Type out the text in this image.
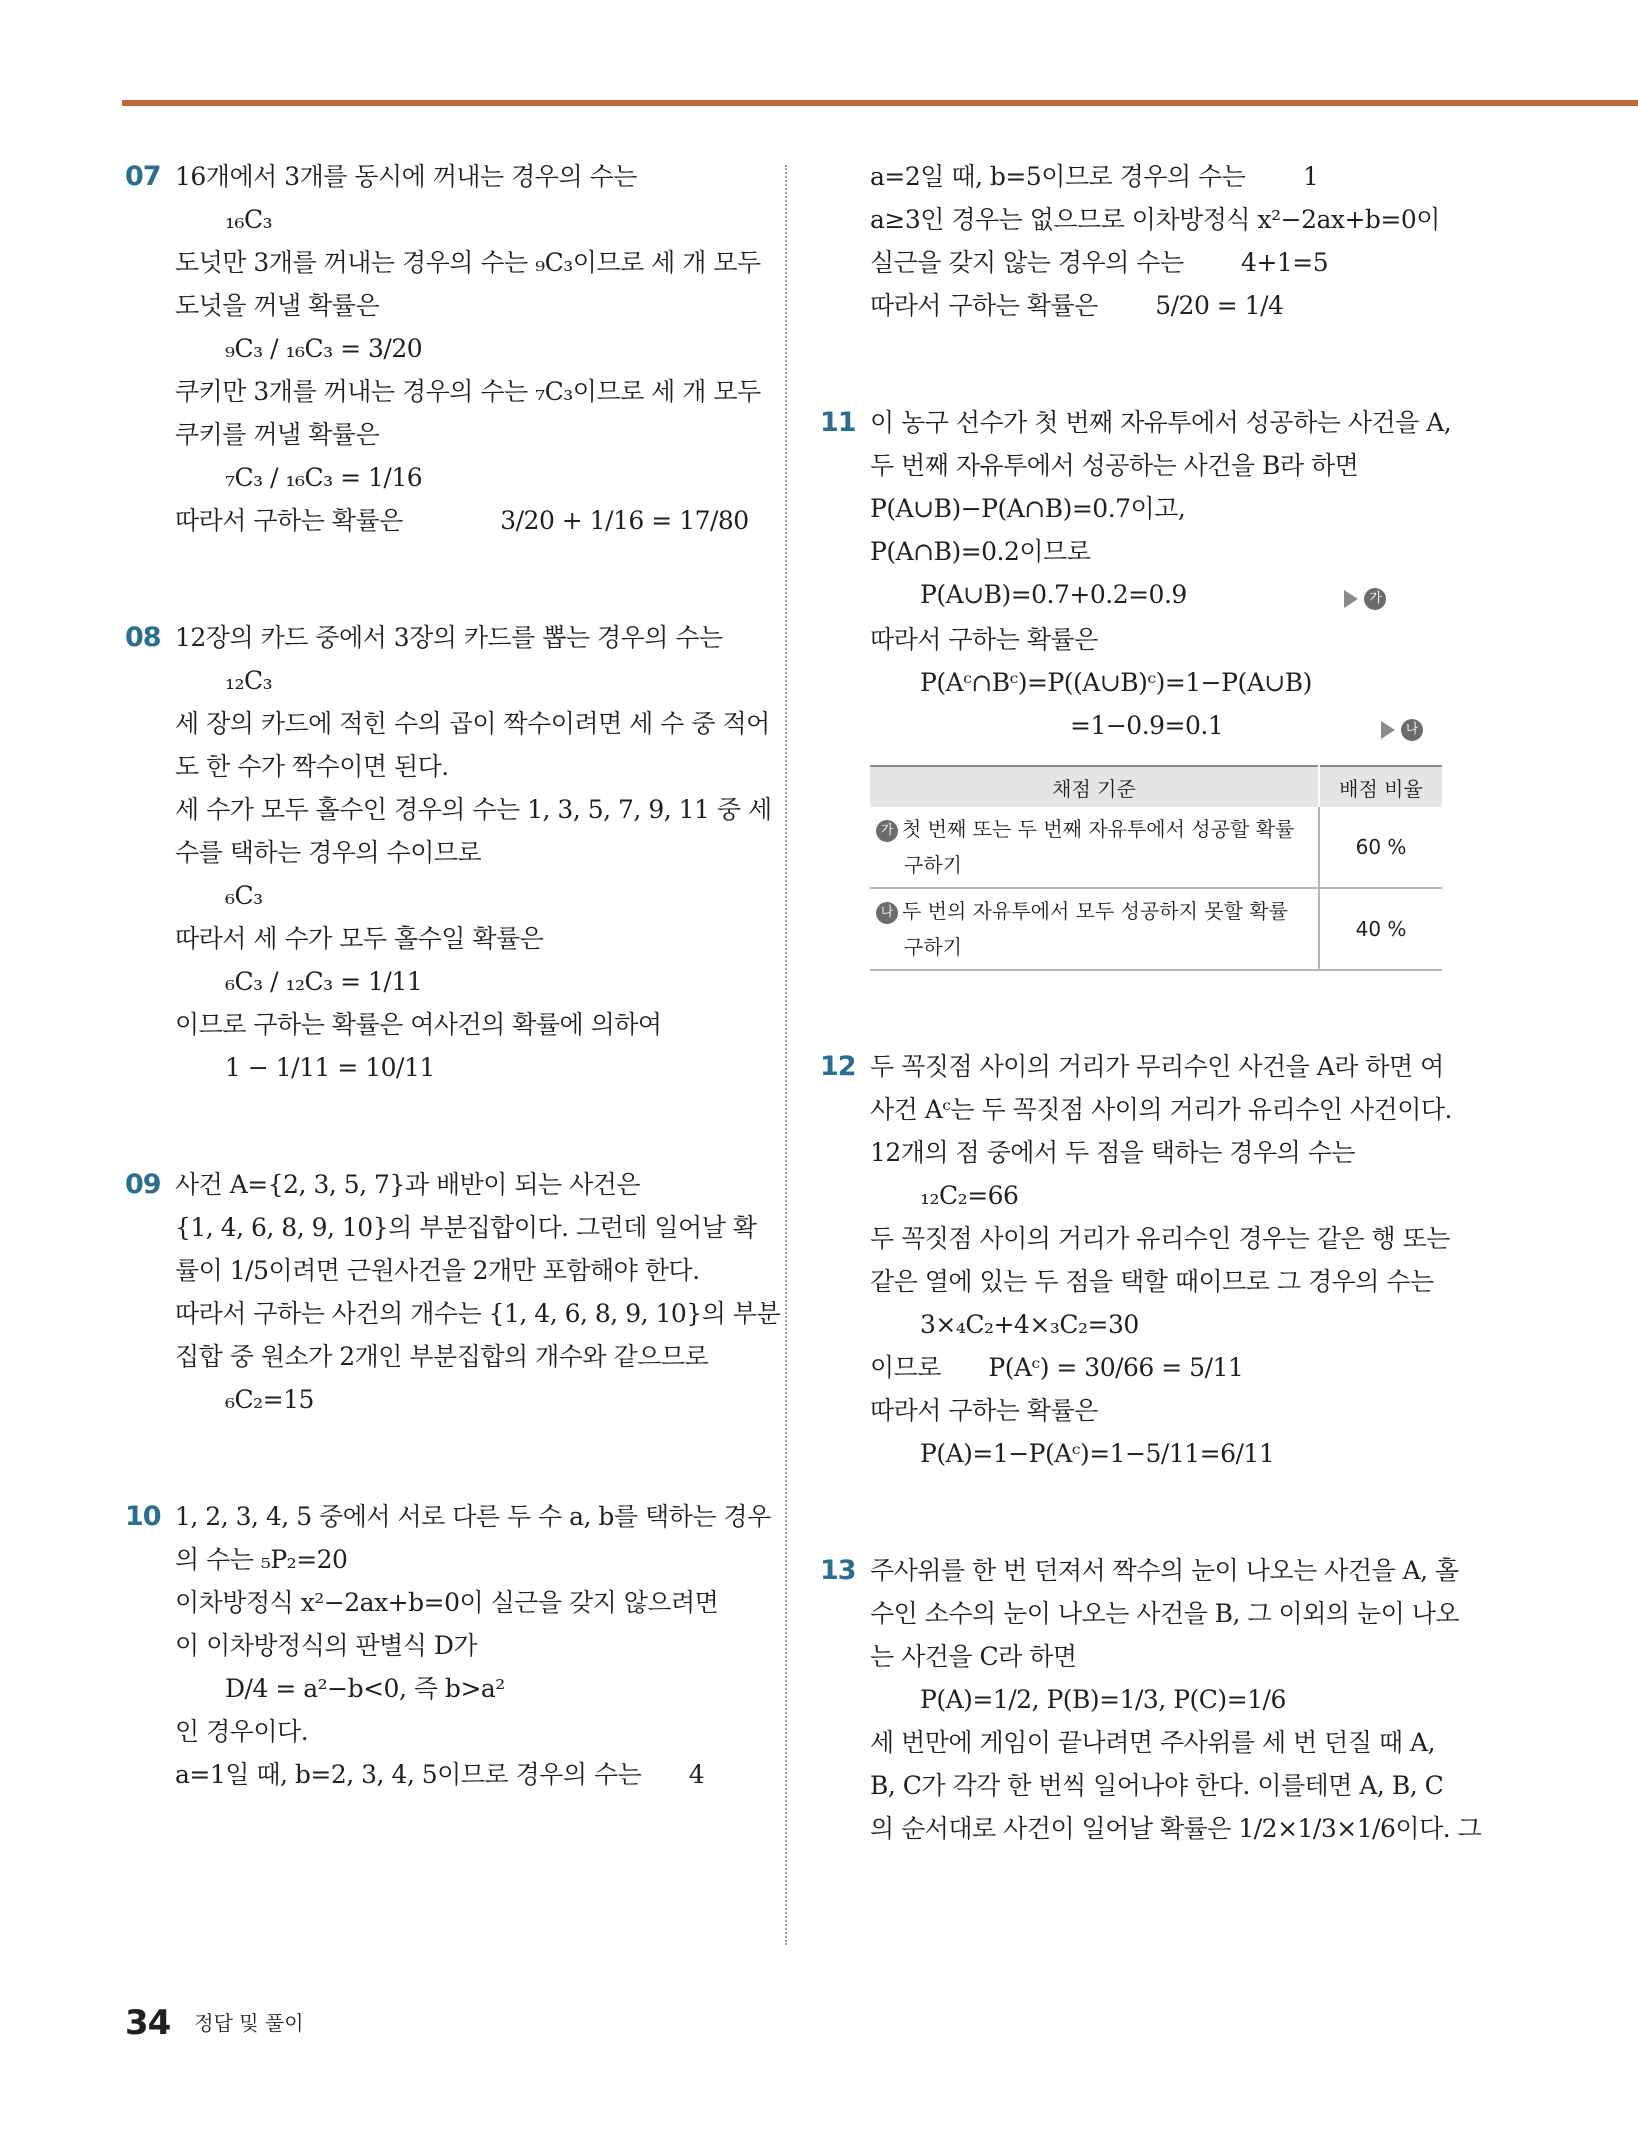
07 16개에서 3개를 동시에 꺼내는 경우의 수는
₁₆C₃
도넛만 3개를 꺼내는 경우의 수는 ₉C₃이므로 세 개 모두
도넛을 꺼낼 확률은
₉C₃ / ₁₆C₃ = 3/20
쿠키만 3개를 꺼내는 경우의 수는 ₇C₃이므로 세 개 모두
쿠키를 꺼낼 확률은
₇C₃ / ₁₆C₃ = 1/16
따라서 구하는 확률은	3/20 + 1/16 = 17/80
08 12장의 카드 중에서 3장의 카드를 뽑는 경우의 수는
₁₂C₃
세 장의 카드에 적힌 수의 곱이 짝수이려면 세 수 중 적어
도 한 수가 짝수이면 된다.
세 수가 모두 홀수인 경우의 수는 1, 3, 5, 7, 9, 11 중 세
수를 택하는 경우의 수이므로
₆C₃
따라서 세 수가 모두 홀수일 확률은
₆C₃ / ₁₂C₃ = 1/11
이므로 구하는 확률은 여사건의 확률에 의하여
1 − 1/11 = 10/11
09 사건 A={2, 3, 5, 7}과 배반이 되는 사건은
{1, 4, 6, 8, 9, 10}의 부분집합이다. 그런데 일어날 확
률이 1/5이려면 근원사건을 2개만 포함해야 한다.
따라서 구하는 사건의 개수는 {1, 4, 6, 8, 9, 10}의 부분
집합 중 원소가 2개인 부분집합의 개수와 같으므로
₆C₂=15
10 1, 2, 3, 4, 5 중에서 서로 다른 두 수 a, b를 택하는 경우
의 수는 ₅P₂=20
이차방정식 x²−2ax+b=0이 실근을 갖지 않으려면
이 이차방정식의 판별식 D가
D/4 = a²−b<0, 즉 b>a²
인 경우이다.
a=1일 때, b=2, 3, 4, 5이므로 경우의 수는 4
a=2일 때, b=5이므로 경우의 수는 1
a≥3인 경우는 없으므로 이차방정식 x²−2ax+b=0이
실근을 갖지 않는 경우의 수는 4+1=5
따라서 구하는 확률은 5/20 = 1/4
11 이 농구 선수가 첫 번째 자유투에서 성공하는 사건을 A,
두 번째 자유투에서 성공하는 사건을 B라 하면
P(A∪B)−P(A∩B)=0.7이고,
P(A∩B)=0.2이므로
P(A∪B)=0.7+0.2=0.9	가
따라서 구하는 확률은
P(Aᶜ∩Bᶜ)=P((A∪B)ᶜ)=1−P(A∪B)
=1−0.9=0.1	나
채점 기준	배점 비율
가 첫 번째 또는 두 번째 자유투에서 성공할 확률
구하기	60 %
나 두 번의 자유투에서 모두 성공하지 못할 확률
구하기	40 %
12 두 꼭짓점 사이의 거리가 무리수인 사건을 A라 하면 여
사건 Aᶜ는 두 꼭짓점 사이의 거리가 유리수인 사건이다.
12개의 점 중에서 두 점을 택하는 경우의 수는
₁₂C₂=66
두 꼭짓점 사이의 거리가 유리수인 경우는 같은 행 또는
같은 열에 있는 두 점을 택할 때이므로 그 경우의 수는
3×₄C₂+4×₃C₂=30
이므로 P(Aᶜ) = 30/66 = 5/11
따라서 구하는 확률은
P(A)=1−P(Aᶜ)=1−5/11=6/11
13 주사위를 한 번 던져서 짝수의 눈이 나오는 사건을 A, 홀
수인 소수의 눈이 나오는 사건을 B, 그 이외의 눈이 나오
는 사건을 C라 하면
P(A)=1/2, P(B)=1/3, P(C)=1/6
세 번만에 게임이 끝나려면 주사위를 세 번 던질 때 A,
B, C가 각각 한 번씩 일어나야 한다. 이를테면 A, B, C
의 순서대로 사건이 일어날 확률은 1/2×1/3×1/6이다. 그
34 정답 및 풀이
